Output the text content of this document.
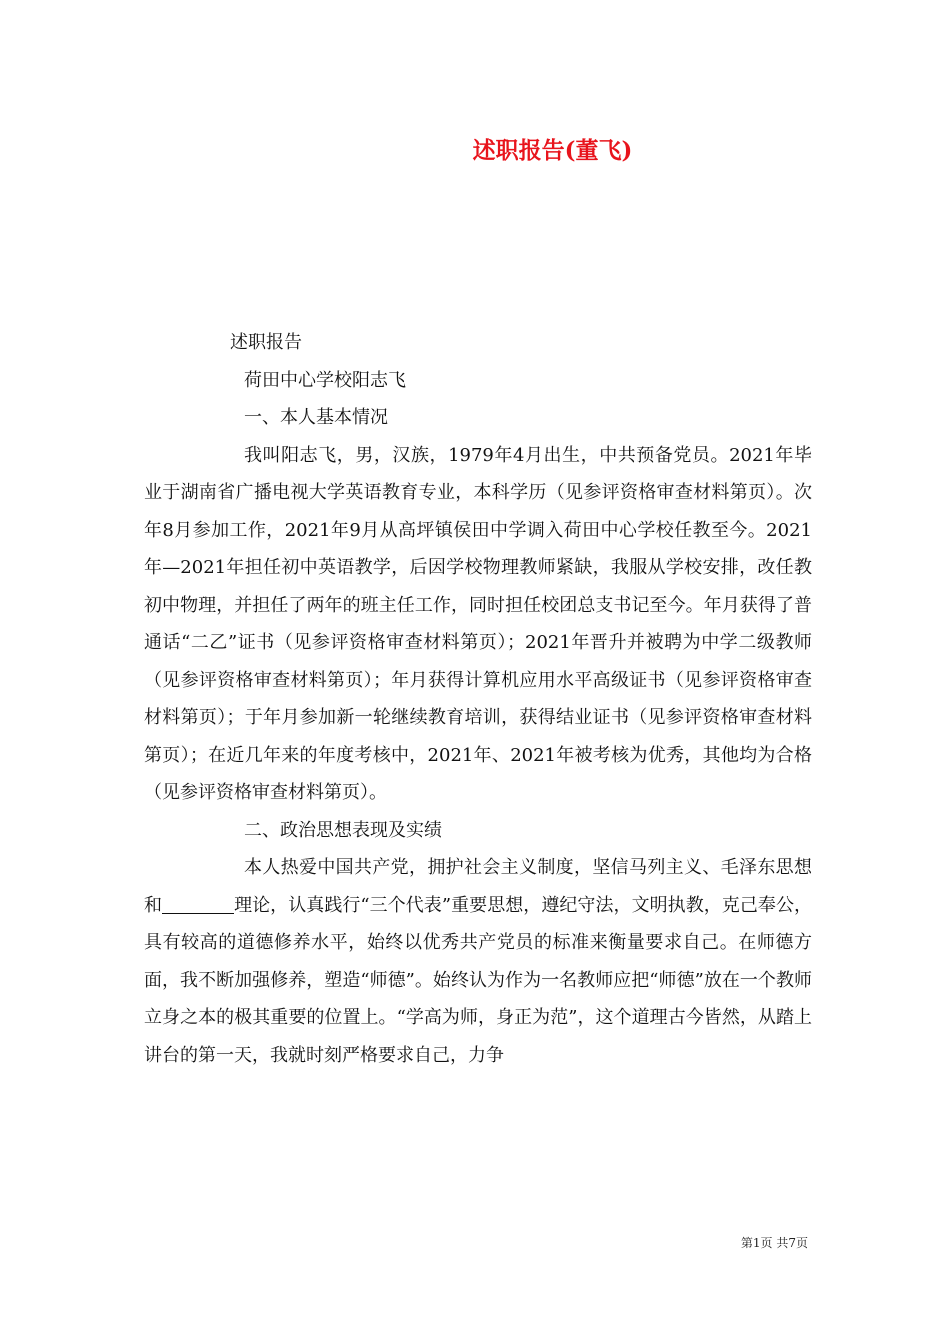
述职报告(董飞)
述职报告
荷田中心学校阳志飞
一、本人基本情况

我叫阳志飞，男，汉族，1979年4月出生，中共预备党员。2021年毕业于湖南省广播电视大学英语教育专业，本科学历（见参评资格审查材料第页）。次年8月参加工作，2021年9月从高坪镇侯田中学调入荷田中心学校任教至今。2021年—2021年担任初中英语教学，后因学校物理教师紧缺，我服从学校安排，改任教初中物理，并担任了两年的班主任工作，同时担任校团总支书记至今。年月获得了普通话“二乙”证书（见参评资格审查材料第页）；2021年晋升并被聘为中学二级教师（见参评资格审查材料第页）；年月获得计算机应用水平高级证书（见参评资格审查材料第页）；于年月参加新一轮继续教育培训，获得结业证书（见参评资格审查材料第页）；在近几年来的年度考核中，2021年、2021年被考核为优秀，其他均为合格（见参评资格审查材料第页）。

二、政治思想表现及实绩

本人热爱中国共产党，拥护社会主义制度，坚信马列主义、毛泽东思想和	理论，认真践行“三个代表”重要思想，遵纪守法，文明执教，克己奉公，具有较高的道德修养水平，始终以优秀共产党员的标准来衡量要求自己。在师德方面，我不断加强修养，塑造“师德”。始终认为作为一名教师应把“师德”放在一个教师立身之本的极其重要的位置上。“学高为师，身正为范”，这个道理古今皆然，从踏上讲台的第一天，我就时刻严格要求自己，力争

第1页 共7页
